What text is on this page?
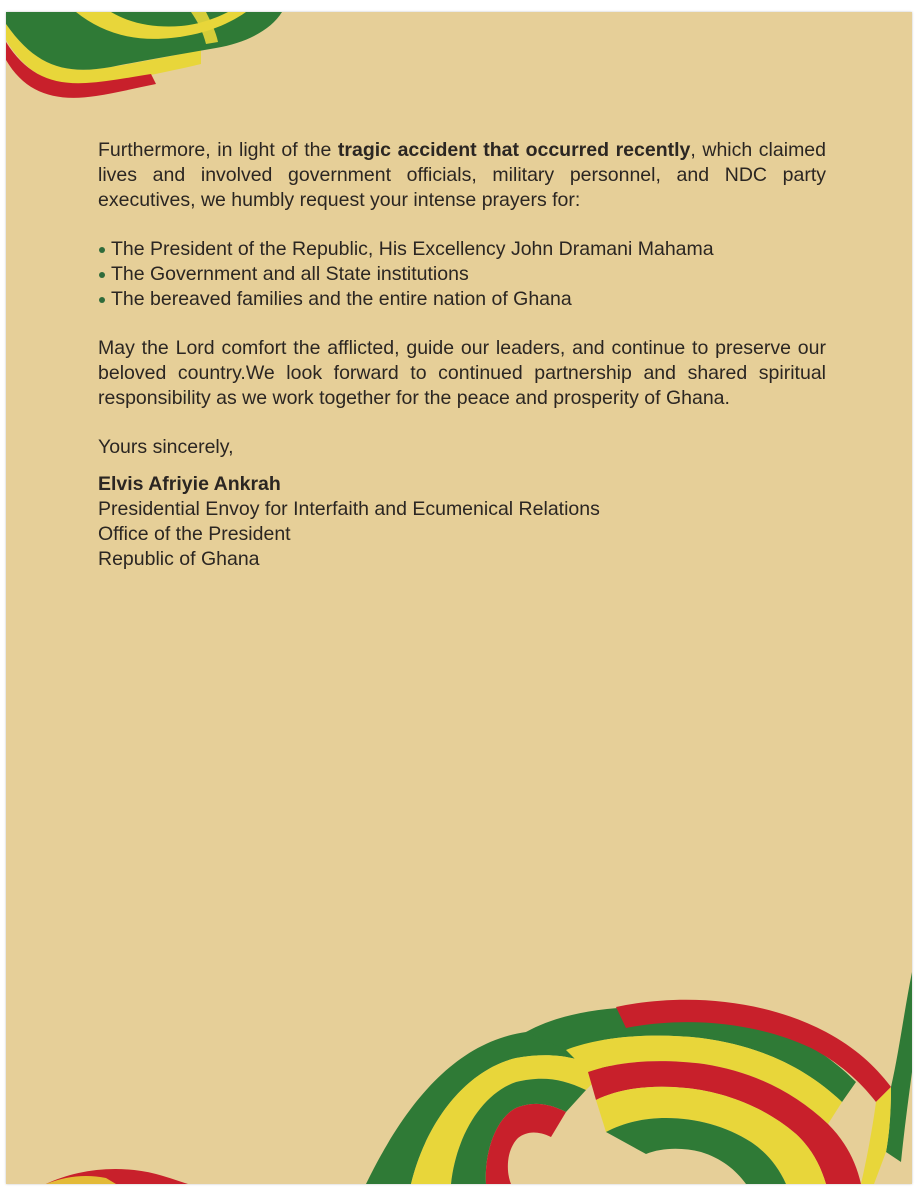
Furthermore, in light of the tragic accident that occurred recently, which claimed lives and involved government officials, military personnel, and NDC party executives, we humbly request your intense prayers for:

The President of the Republic, His Excellency John Dramani Mahama
The Government and all State institutions
The bereaved families and the entire nation of Ghana

May the Lord comfort the afflicted, guide our leaders, and continue to preserve our beloved country.We look forward to continued partnership and shared spiritual responsibility as we work together for the peace and prosperity of Ghana.

Yours sincerely,

Elvis Afriyie Ankrah
Presidential Envoy for Interfaith and Ecumenical Relations
Office of the President
Republic of Ghana
